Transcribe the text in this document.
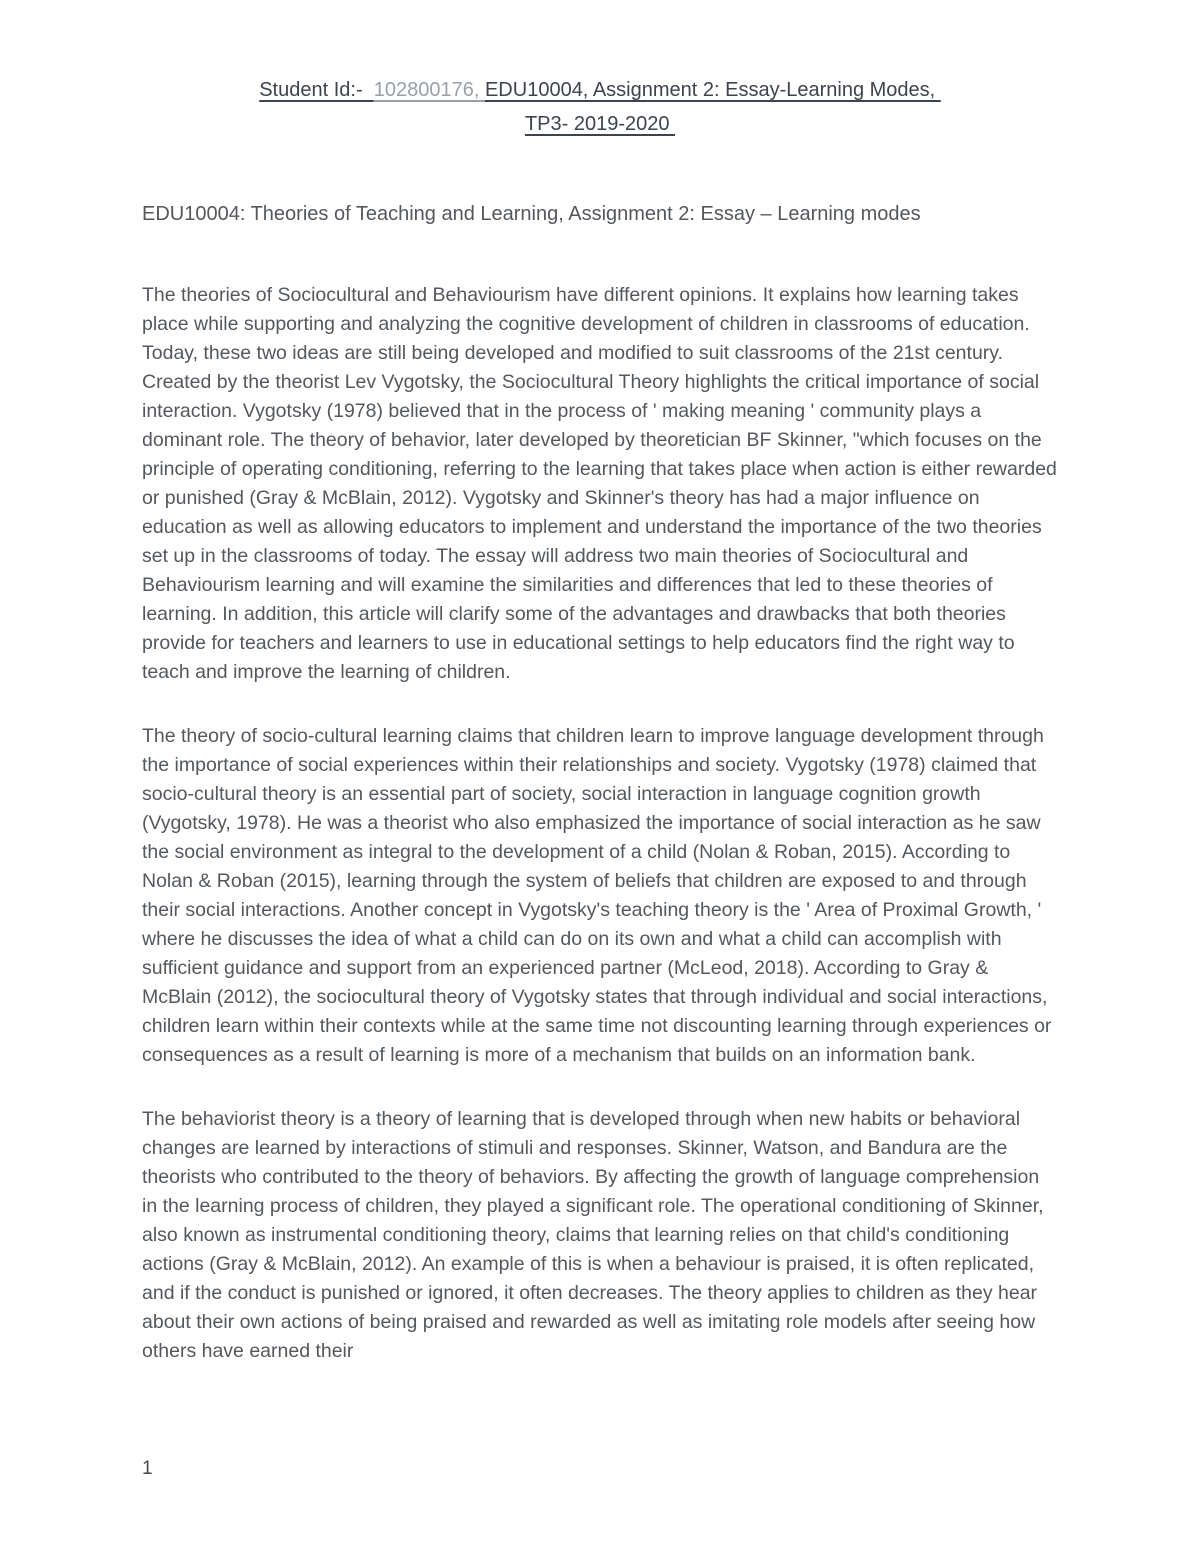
Student Id:-  102800176, EDU10004, Assignment 2: Essay-Learning Modes,
TP3- 2019-2020
EDU10004: Theories of Teaching and Learning, Assignment 2: Essay – Learning modes

The theories of Sociocultural and Behaviourism have different opinions. It explains how learning takes place while supporting and analyzing the cognitive development of children in classrooms of education. Today, these two ideas are still being developed and modified to suit classrooms of the 21st century. Created by the theorist Lev Vygotsky, the Sociocultural Theory highlights the critical importance of social interaction. Vygotsky (1978) believed that in the process of ' making meaning ' community plays a dominant role. The theory of behavior, later developed by theoretician BF Skinner, "which focuses on the principle of operating conditioning, referring to the learning that takes place when action is either rewarded or punished (Gray & McBlain, 2012). Vygotsky and Skinner's theory has had a major influence on education as well as allowing educators to implement and understand the importance of the two theories set up in the classrooms of today. The essay will address two main theories of Sociocultural and Behaviourism learning and will examine the similarities and differences that led to these theories of learning. In addition, this article will clarify some of the advantages and drawbacks that both theories provide for teachers and learners to use in educational settings to help educators find the right way to teach and improve the learning of children.

The theory of socio-cultural learning claims that children learn to improve language development through the importance of social experiences within their relationships and society. Vygotsky (1978) claimed that socio-cultural theory is an essential part of society, social interaction in language cognition growth (Vygotsky, 1978). He was a theorist who also emphasized the importance of social interaction as he saw the social environment as integral to the development of a child (Nolan & Roban, 2015). According to Nolan & Roban (2015), learning through the system of beliefs that children are exposed to and through their social interactions. Another concept in Vygotsky's teaching theory is the ' Area of Proximal Growth, ' where he discusses the idea of what a child can do on its own and what a child can accomplish with sufficient guidance and support from an experienced partner (McLeod, 2018). According to Gray & McBlain (2012), the sociocultural theory of Vygotsky states that through individual and social interactions, children learn within their contexts while at the same time not discounting learning through experiences or consequences as a result of learning is more of a mechanism that builds on an information bank.

The behaviorist theory is a theory of learning that is developed through when new habits or behavioral changes are learned by interactions of stimuli and responses. Skinner, Watson, and Bandura are the theorists who contributed to the theory of behaviors. By affecting the growth of language comprehension in the learning process of children, they played a significant role. The operational conditioning of Skinner, also known as instrumental conditioning theory, claims that learning relies on that child's conditioning actions (Gray & McBlain, 2012). An example of this is when a behaviour is praised, it is often replicated, and if the conduct is punished or ignored, it often decreases. The theory applies to children as they hear about their own actions of being praised and rewarded as well as imitating role models after seeing how others have earned their

1
